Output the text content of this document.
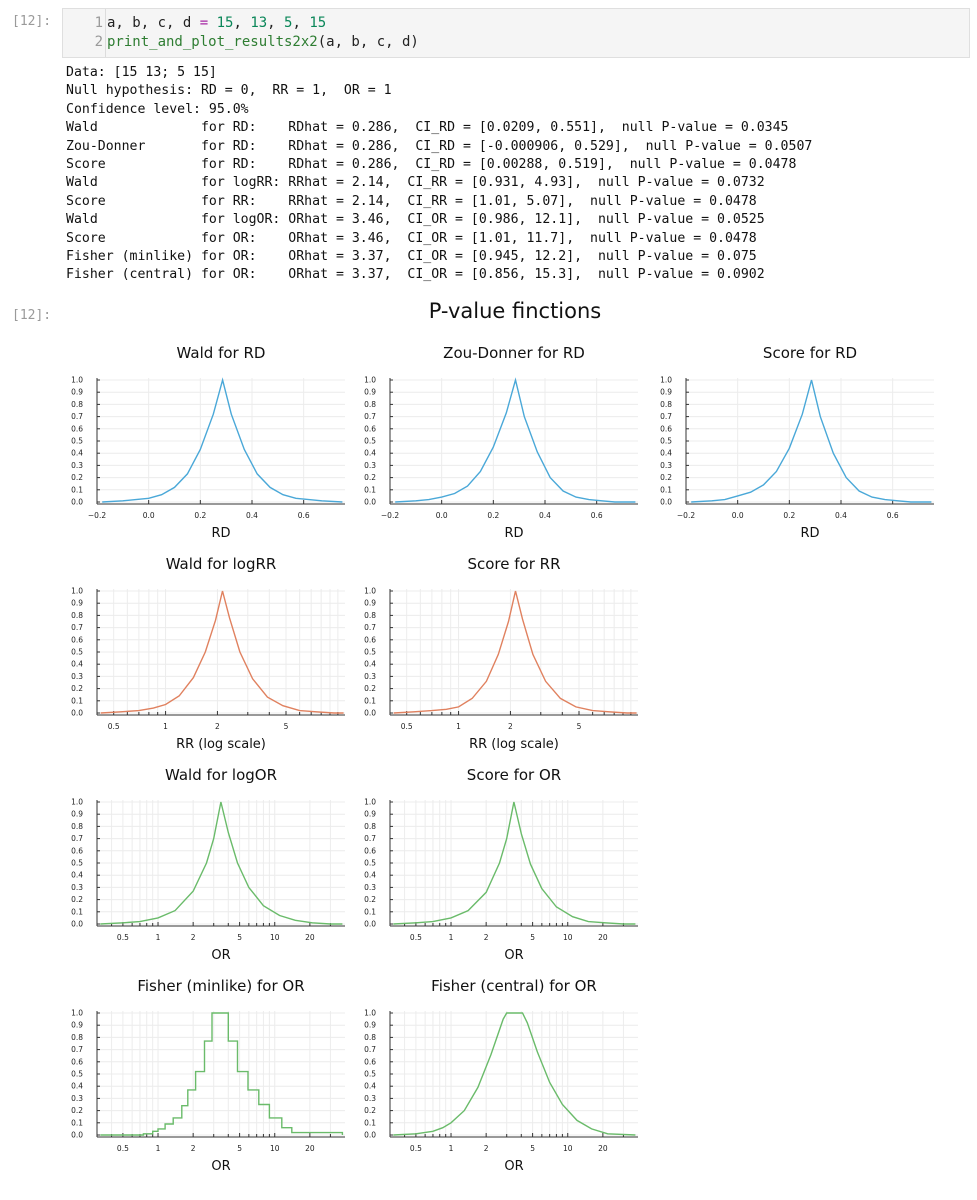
[12]:	1
2
a, b, c, d = 15, 13, 5, 15
print_and_plot_results2x2(a, b, c, d)
Data: [15 13; 5 15]
Null hypothesis: RD = 0,  RR = 1,  OR = 1
Confidence level: 95.0%
Wald             for RD:    RDhat = 0.286,  CI_RD = [0.0209, 0.551],  null P-value = 0.0345
Zou-Donner       for RD:    RDhat = 0.286,  CI_RD = [-0.000906, 0.529],  null P-value = 0.0507
Score            for RD:    RDhat = 0.286,  CI_RD = [0.00288, 0.519],  null P-value = 0.0478
Wald             for logRR: RRhat = 2.14,  CI_RR = [0.931, 4.93],  null P-value = 0.0732
Score            for RR:    RRhat = 2.14,  CI_RR = [1.01, 5.07],  null P-value = 0.0478
Wald             for logOR: ORhat = 3.46,  CI_OR = [0.986, 12.1],  null P-value = 0.0525
Score            for OR:    ORhat = 3.46,  CI_OR = [1.01, 11.7],  null P-value = 0.0478
Fisher (minlike) for OR:    ORhat = 3.37,  CI_OR = [0.945, 12.2],  null P-value = 0.075
Fisher (central) for OR:    ORhat = 3.37,  CI_OR = [0.856, 15.3],  null P-value = 0.0902
[12]:	P-value finctions
0.0
0.1
0.2
0.3
0.4
0.5
0.6
0.7
0.8
0.9
1.0
−0.2	0.0	0.2	0.4	0.6
Wald for RD
RD
0.0
0.1
0.2
0.3
0.4
0.5
0.6
0.7
0.8
0.9
1.0
−0.2	0.0	0.2	0.4	0.6
Zou-Donner for RD
RD
0.0
0.1
0.2
0.3
0.4
0.5
0.6
0.7
0.8
0.9
1.0
−0.2	0.0	0.2	0.4	0.6
Score for RD
RD
0.0
0.1
0.2
0.3
0.4
0.5
0.6
0.7
0.8
0.9
1.0
0.5	1	2	5
Wald for logRR
RR (log scale)
0.0
0.1
0.2
0.3
0.4
0.5
0.6
0.7
0.8
0.9
1.0
0.5	1	2	5
Score for RR
RR (log scale)
0.0
0.1
0.2
0.3
0.4
0.5
0.6
0.7
0.8
0.9
1.0
0.5	1	2	5	10	20
Wald for logOR
OR
0.0
0.1
0.2
0.3
0.4
0.5
0.6
0.7
0.8
0.9
1.0
0.5	1	2	5	10	20
Score for OR
OR
0.0
0.1
0.2
0.3
0.4
0.5
0.6
0.7
0.8
0.9
1.0
0.5	1	2	5	10	20
Fisher (minlike) for OR
OR
0.0
0.1
0.2
0.3
0.4
0.5
0.6
0.7
0.8
0.9
1.0
0.5	1	2	5	10	20
Fisher (central) for OR
OR
